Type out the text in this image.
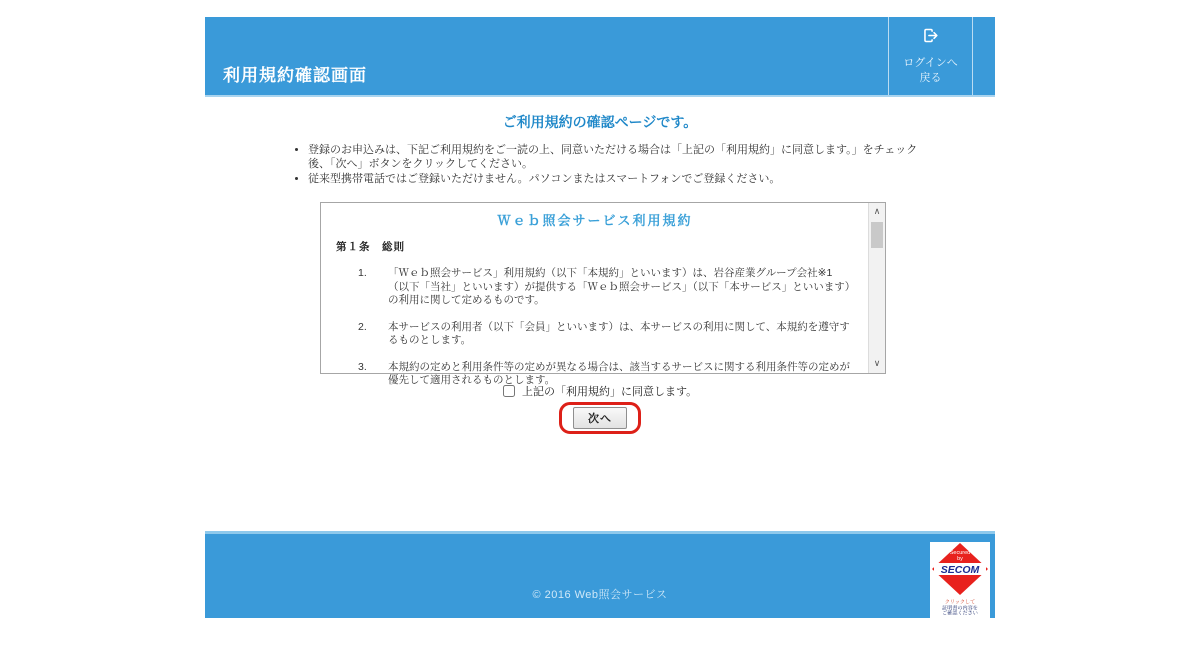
利用規約確認画面
ログインへ
戻る
ご利用規約の確認ページです。
• 登録のお申込みは、下記ご利用規約をご一読の上、同意いただける場合は「上記の「利用規約」に同意します。」をチェック後、「次へ」ボタンをクリックしてください。
• 従来型携帯電話ではご登録いただけません。パソコンまたはスマートフォンでご登録ください。
Ｗｅｂ照会サービス利用規約
第１条　総則
1.	「Ｗｅｂ照会サービス」利用規約（以下「本規約」といいます）は、岩谷産業グループ会社※1（以下「当社」といいます）が提供する「Ｗｅｂ照会サービス」（以下「本サービス」といいます）の利用に関して定めるものです。
2.	本サービスの利用者（以下「会員」といいます）は、本サービスの利用に関して、本規約を遵守するものとします。
3.	本規約の定めと利用条件等の定めが異なる場合は、該当するサービスに関する利用条件等の定めが優先して適用されるものとします。
∧
∨
上記の「利用規約」に同意します。
次へ
© 2016 Web照会サービス
Secured
by
SECOM
クリックして
証明書の内容を
ご確認ください
